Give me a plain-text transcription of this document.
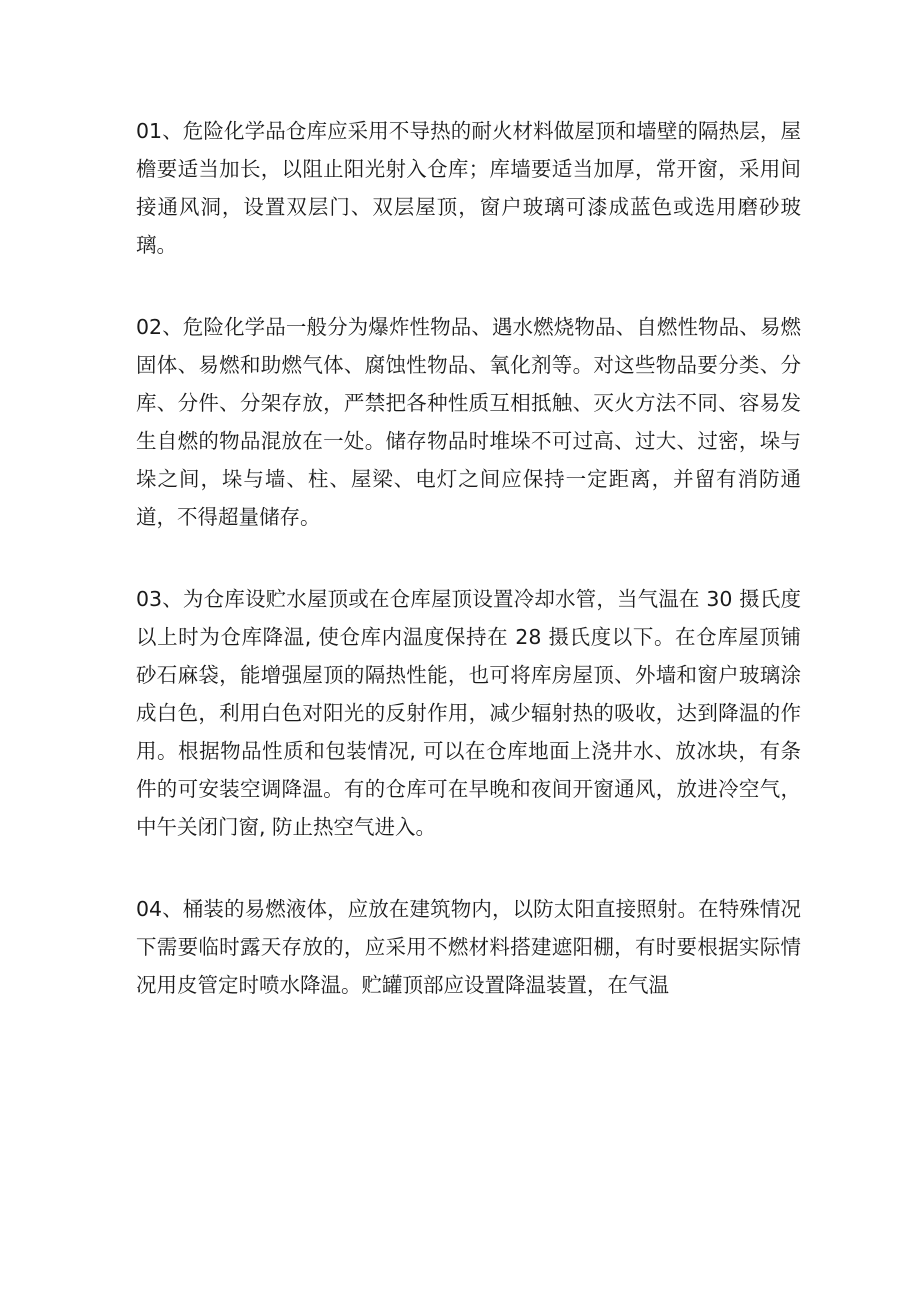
01、危险化学品仓库应采用不导热的耐火材料做屋顶和墙壁的隔热层，屋檐要适当加长，以阻止阳光射入仓库；库墙要适当加厚，常开窗，采用间接通风洞，设置双层门、双层屋顶，窗户玻璃可漆成蓝色或选用磨砂玻璃。

02、危险化学品一般分为爆炸性物品、遇水燃烧物品、自燃性物品、易燃固体、易燃和助燃气体、腐蚀性物品、氧化剂等。对这些物品要分类、分库、分件、分架存放，严禁把各种性质互相抵触、灭火方法不同、容易发生自燃的物品混放在一处。储存物品时堆垛不可过高、过大、过密，垛与垛之间，垛与墙、柱、屋梁、电灯之间应保持一定距离，并留有消防通道，不得超量储存。

03、为仓库设贮水屋顶或在仓库屋顶设置冷却水管，当气温在 30 摄氏度以上时为仓库降温, 使仓库内温度保持在 28 摄氏度以下。在仓库屋顶铺砂石麻袋，能增强屋顶的隔热性能，也可将库房屋顶、外墙和窗户玻璃涂成白色，利用白色对阳光的反射作用，减少辐射热的吸收，达到降温的作用。根据物品性质和包装情况, 可以在仓库地面上浇井水、放冰块，有条件的可安装空调降温。有的仓库可在早晚和夜间开窗通风，放进冷空气，中午关闭门窗, 防止热空气进入。

04、桶装的易燃液体，应放在建筑物内，以防太阳直接照射。在特殊情况下需要临时露天存放的，应采用不燃材料搭建遮阳棚，有时要根据实际情况用皮管定时喷水降温。贮罐顶部应设置降温装置，在气温
